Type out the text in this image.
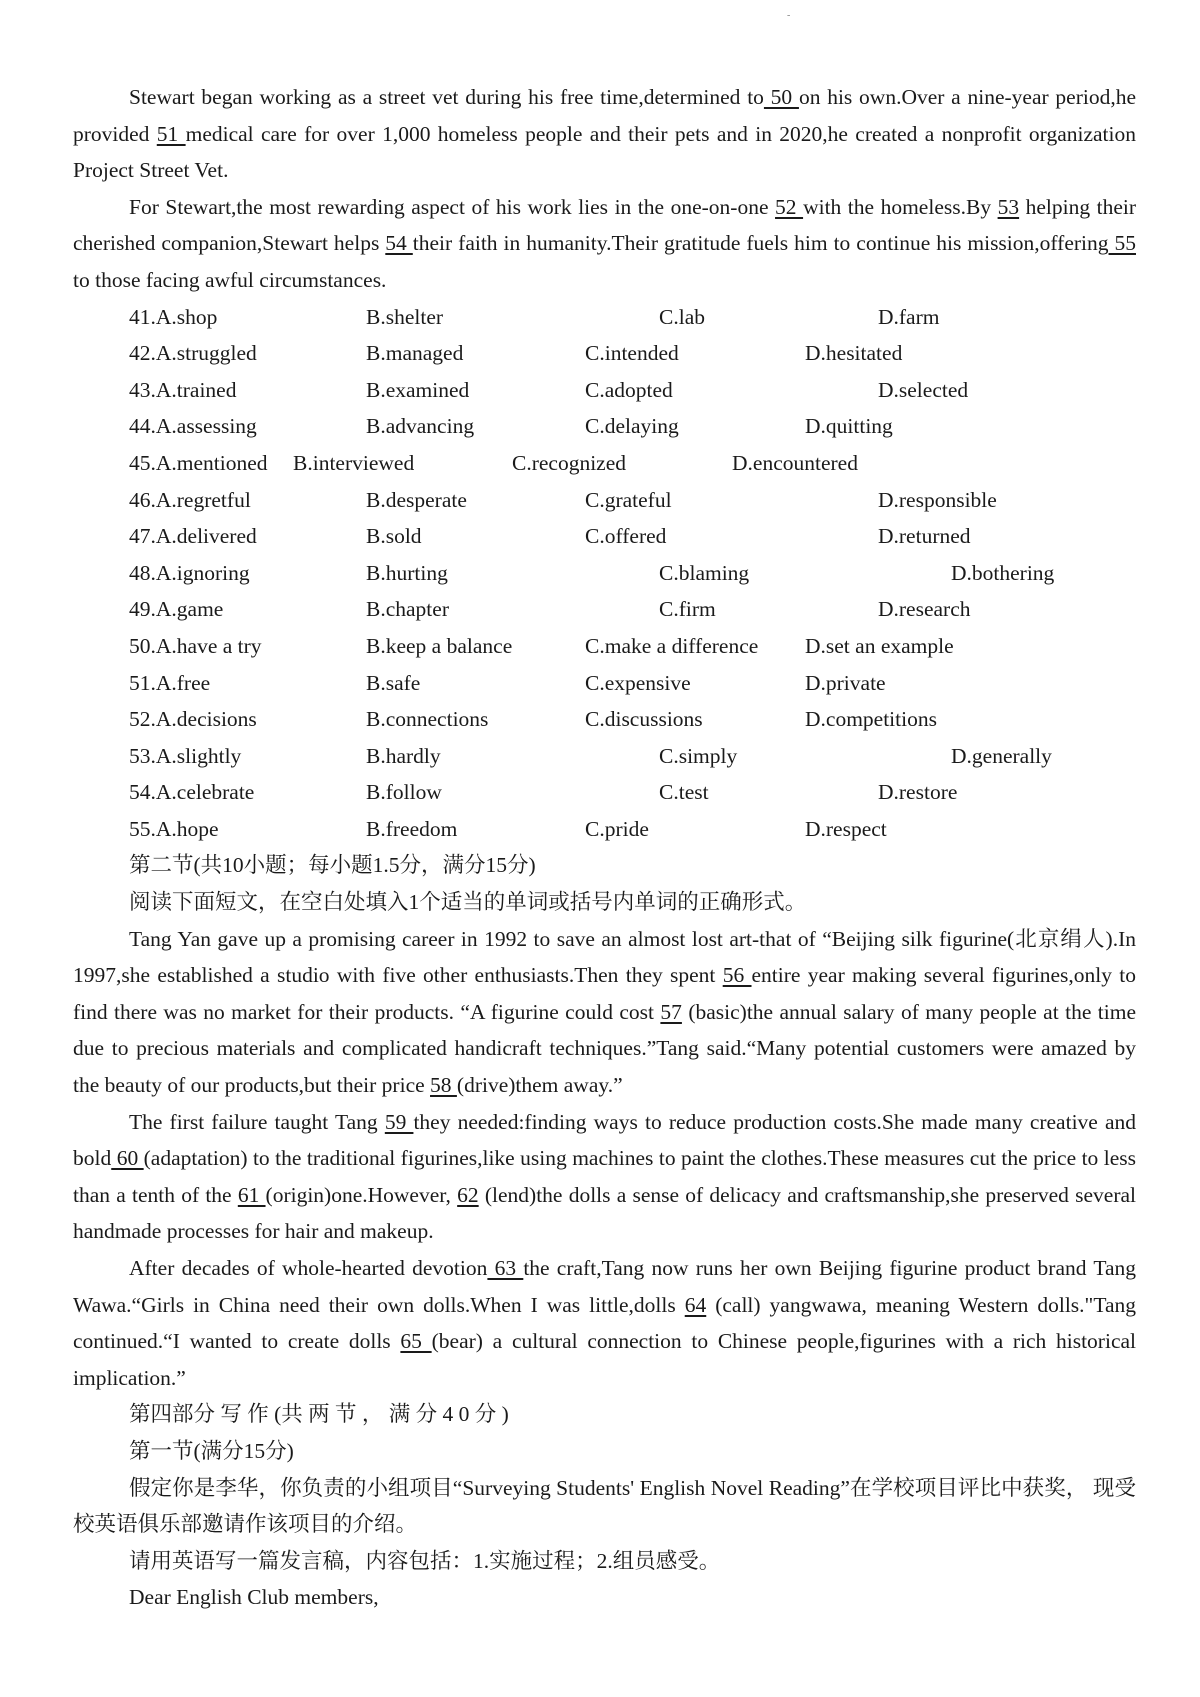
-

Stewart began working as a street vet during his free time,determined to 50 on his own.Over a nine-year period,he provided 51 medical care for over 1,000 homeless people and their pets and in 2020,he created a nonprofit organization Project Street Vet.

For Stewart,the most rewarding aspect of his work lies in the one-on-one 52 with the homeless.By 53 helping their cherished companion,Stewart helps 54 their faith in humanity.Their gratitude fuels him to continue his mission,offering 55 to those facing awful circumstances.

41.A.shop	B.shelter	C.lab	D.farm
42.A.struggled	B.managed	C.intended	D.hesitated
43.A.trained	B.examined	C.adopted	D.selected
44.A.assessing	B.advancing	C.delaying	D.quitting
45.A.mentioned B.interviewed	C.recognized	D.encountered
46.A.regretful	B.desperate	C.grateful	D.responsible
47.A.delivered	B.sold	C.offered	D.returned
48.A.ignoring	B.hurting	C.blaming	D.bothering
49.A.game	B.chapter	C.firm	D.research
50.A.have a try	B.keep a balance	C.make a difference D.set an example
51.A.free	B.safe	C.expensive	D.private
52.A.decisions	B.connections	C.discussions	D.competitions
53.A.slightly	B.hardly	C.simply	D.generally
54.A.celebrate	B.follow	C.test	D.restore
55.A.hope	B.freedom	C.pride	D.respect

第二节(共10小题；每小题1.5分，满分15分)

阅读下面短文，在空白处填入1个适当的单词或括号内单词的正确形式。

Tang Yan gave up a promising career in 1992 to save an almost lost art-that of “Beijing silk figurine(北京绢人).In 1997,she established a studio with five other enthusiasts.Then they spent 56 entire year making several figurines,only to find there was no market for their products. “A figurine could cost 57 (basic)the annual salary of many people at the time due to precious materials and complicated handicraft techniques.”Tang said.“Many potential customers were amazed by the beauty of our products,but their price 58 (drive)them away.”

The first failure taught Tang 59 they needed:finding ways to reduce production costs.She made many creative and bold 60 (adaptation) to the traditional figurines,like using machines to paint the clothes.These measures cut the price to less than a tenth of the 61 (origin)one.However, 62 (lend)the dolls a sense of delicacy and craftsmanship,she preserved several handmade processes for hair and makeup.

After decades of whole-hearted devotion 63 the craft,Tang now runs her own Beijing figurine product brand Tang Wawa.“Girls in China need their own dolls.When I was little,dolls 64 (call) yangwawa, meaning Western dolls."Tang continued.“I wanted to create dolls 65 (bear) a cultural connection to Chinese people,figurines with a rich historical implication.”

第四部分 写 作 (共 两 节 ， 满 分 4 0 分 )

第一节(满分15分)

假定你是李华，你负责的小组项目“Surveying Students' English Novel Reading”在学校项目评比中获奖， 现受校英语俱乐部邀请作该项目的介绍。

请用英语写一篇发言稿，内容包括：1.实施过程；2.组员感受。

Dear English Club members,
